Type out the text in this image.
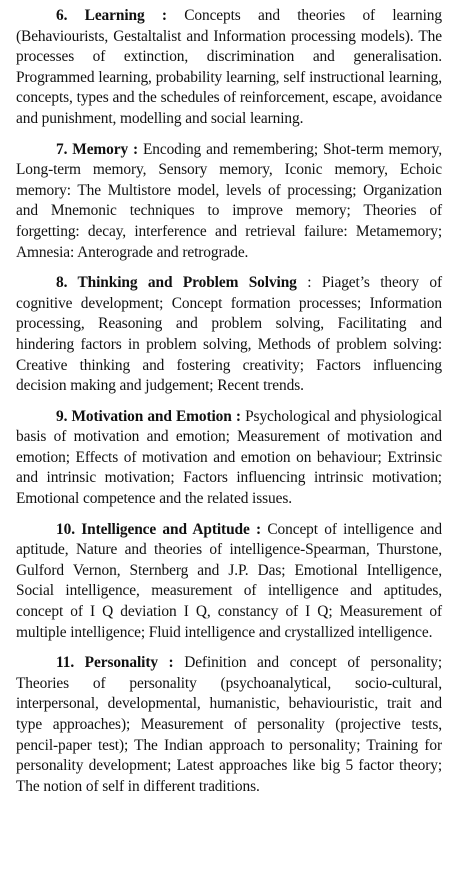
6. Learning : Concepts and theories of learning (Behaviourists, Gestaltalist and Information processing models). The processes of extinction, discrimination and generalisation. Programmed learning, probability learning, self instructional learning, concepts, types and the schedules of reinforcement, escape, avoidance and punishment, modelling and social learning.

7. Memory : Encoding and remembering; Shot-term memory, Long-term memory, Sensory memory, Iconic memory, Echoic memory: The Multistore model, levels of processing; Organization and Mnemonic techniques to improve memory; Theories of forgetting: decay, interference and retrieval failure: Metamemory; Amnesia: Anterograde and retrograde.

8. Thinking and Problem Solving : Piaget’s theory of cognitive development; Concept formation processes; Information processing, Reasoning and problem solving, Facilitating and hindering factors in problem solving, Methods of problem solving: Creative thinking and fostering creativity; Factors influencing decision making and judgement; Recent trends.

9. Motivation and Emotion : Psychological and physiological basis of motivation and emotion; Measurement of motivation and emotion; Effects of motivation and emotion on behaviour; Extrinsic and intrinsic motivation; Factors influencing intrinsic motivation; Emotional competence and the related issues.

10. Intelligence and Aptitude : Concept of intelligence and aptitude, Nature and theories of intelligence-Spearman, Thurstone, Gulford Vernon, Sternberg and J.P. Das; Emotional Intelligence, Social intelligence, measurement of intelligence and aptitudes, concept of I Q deviation I Q, constancy of I Q; Measurement of multiple intelligence; Fluid intelligence and crystallized intelligence.

11. Personality : Definition and concept of personality; Theories of personality (psychoanalytical, socio-cultural, interpersonal, developmental, humanistic, behaviouristic, trait and type approaches); Measurement of personality (projective tests, pencil-paper test); The Indian approach to personality; Training for personality development; Latest approaches like big 5 factor theory; The notion of self in different traditions.
